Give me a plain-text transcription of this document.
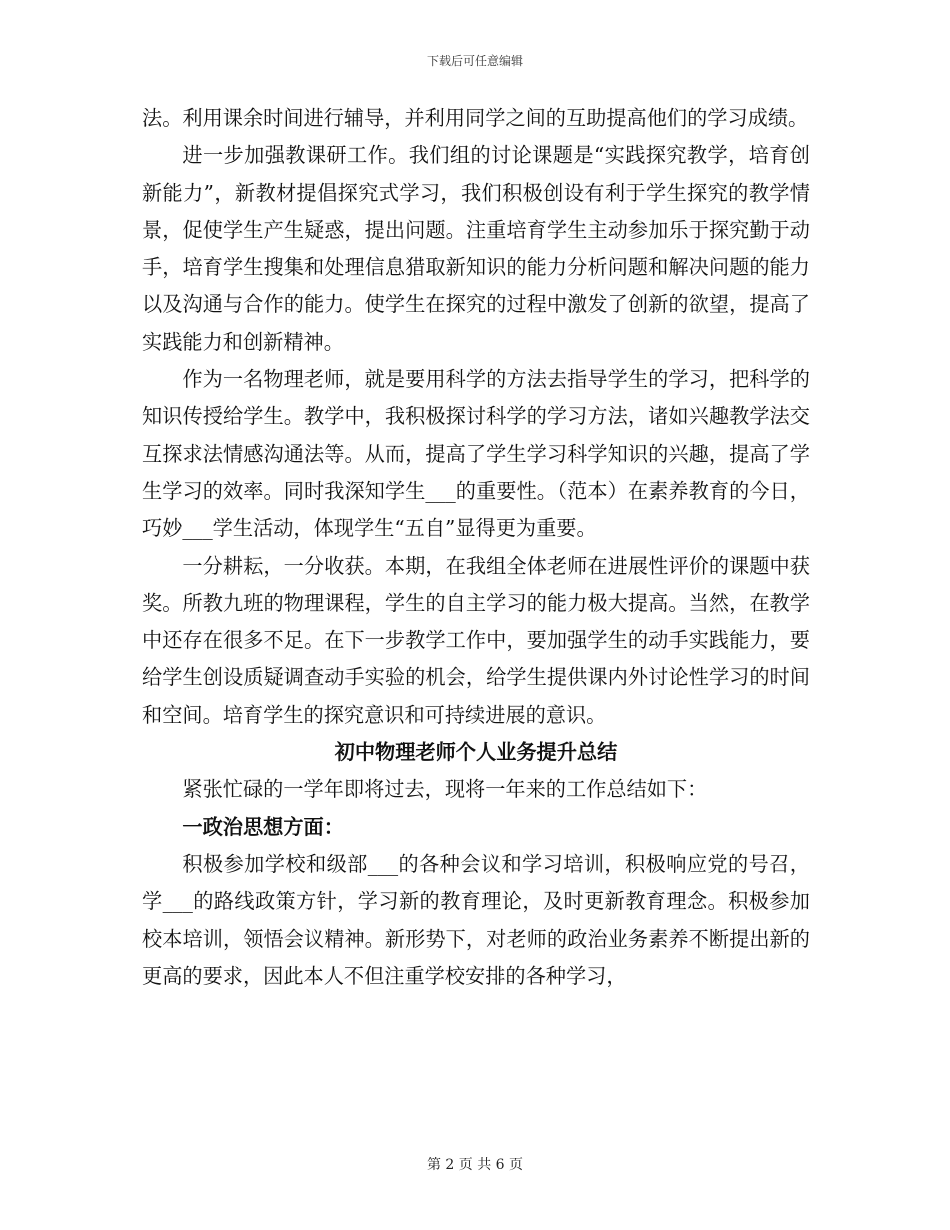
下载后可任意编辑

法。利用课余时间进行辅导，并利用同学之间的互助提高他们的学习成绩。

进一步加强教课研工作。我们组的讨论课题是“实践探究教学，培育创新能力”，新教材提倡探究式学习，我们积极创设有利于学生探究的教学情景，促使学生产生疑惑，提出问题。注重培育学生主动参加乐于探究勤于动手，培育学生搜集和处理信息猎取新知识的能力分析问题和解决问题的能力以及沟通与合作的能力。使学生在探究的过程中激发了创新的欲望，提高了实践能力和创新精神。

作为一名物理老师，就是要用科学的方法去指导学生的学习，把科学的知识传授给学生。教学中，我积极探讨科学的学习方法，诸如兴趣教学法交互探求法情感沟通法等。从而，提高了学生学习科学知识的兴趣，提高了学生学习的效率。同时我深知学生___的重要性。（范本）在素养教育的今日，巧妙___学生活动，体现学生“五自”显得更为重要。

一分耕耘，一分收获。本期，在我组全体老师在进展性评价的课题中获奖。所教九班的物理课程，学生的自主学习的能力极大提高。当然，在教学中还存在很多不足。在下一步教学工作中，要加强学生的动手实践能力，要给学生创设质疑调查动手实验的机会，给学生提供课内外讨论性学习的时间和空间。培育学生的探究意识和可持续进展的意识。

初中物理老师个人业务提升总结

紧张忙碌的一学年即将过去，现将一年来的工作总结如下：

一政治思想方面：

积极参加学校和级部___的各种会议和学习培训，积极响应党的号召，学___的路线政策方针，学习新的教育理论，及时更新教育理念。积极参加校本培训，领悟会议精神。新形势下，对老师的政治业务素养不断提出新的更高的要求，因此本人不但注重学校安排的各种学习，

第 2 页 共 6 页
